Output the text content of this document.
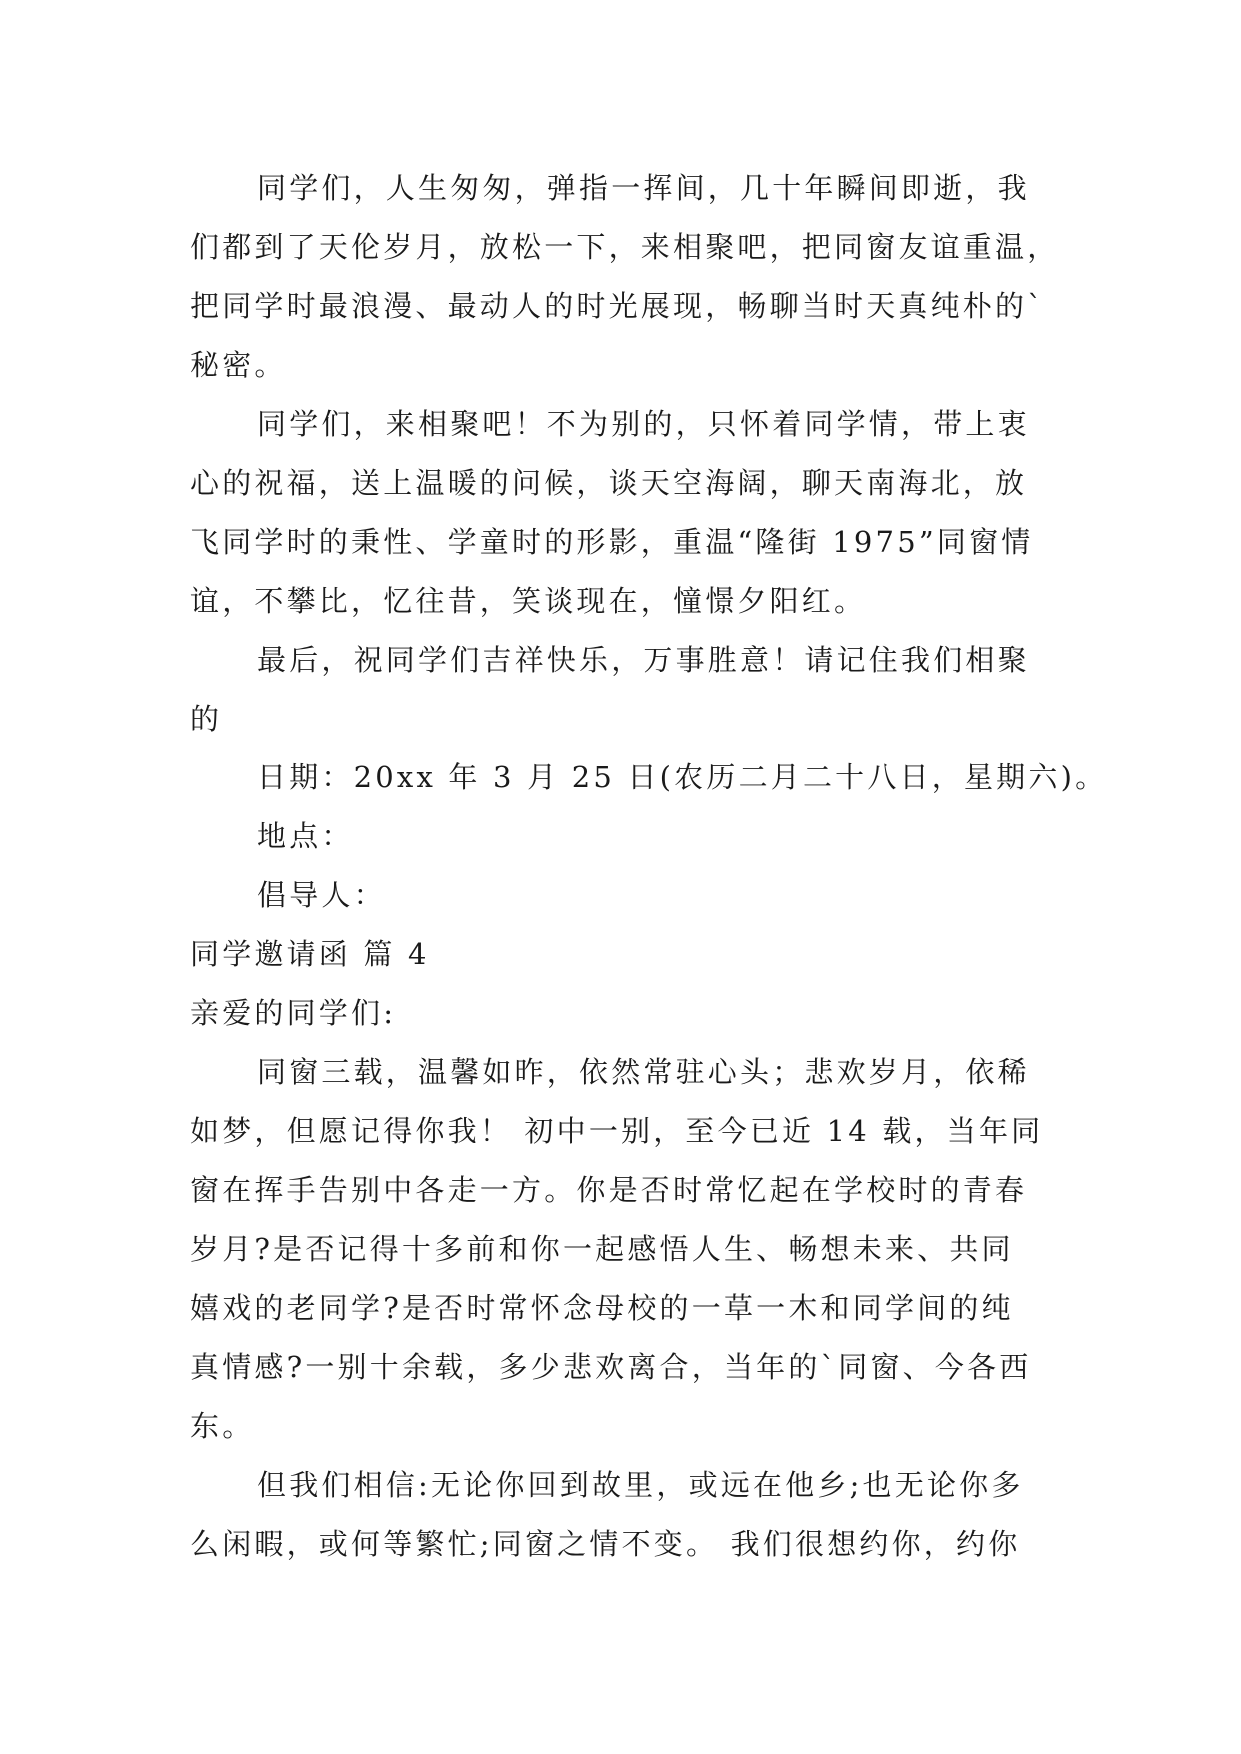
同学们，人生匆匆，弹指一挥间，几十年瞬间即逝，我
们都到了天伦岁月，放松一下，来相聚吧，把同窗友谊重温，
把同学时最浪漫、最动人的时光展现，畅聊当时天真纯朴的`
秘密。
同学们，来相聚吧！不为别的，只怀着同学情，带上衷
心的祝福，送上温暖的问候，谈天空海阔，聊天南海北，放
飞同学时的秉性、学童时的形影，重温“隆街 1975”同窗情
谊，不攀比，忆往昔，笑谈现在，憧憬夕阳红。
最后，祝同学们吉祥快乐，万事胜意！请记住我们相聚
的
日期：20xx 年 3 月 25 日(农历二月二十八日，星期六)。
地点：
倡导人：
同学邀请函 篇 4
亲爱的同学们:
同窗三载，温馨如昨，依然常驻心头；悲欢岁月，依稀
如梦，但愿记得你我！ 初中一别，至今已近 14 载，当年同
窗在挥手告别中各走一方。你是否时常忆起在学校时的青春
岁月?是否记得十多前和你一起感悟人生、畅想未来、共同
嬉戏的老同学?是否时常怀念母校的一草一木和同学间的纯
真情感?一别十余载，多少悲欢离合，当年的`同窗、今各西
东。
但我们相信:无论你回到故里，或远在他乡;也无论你多
么闲暇，或何等繁忙;同窗之情不变。 我们很想约你，约你
